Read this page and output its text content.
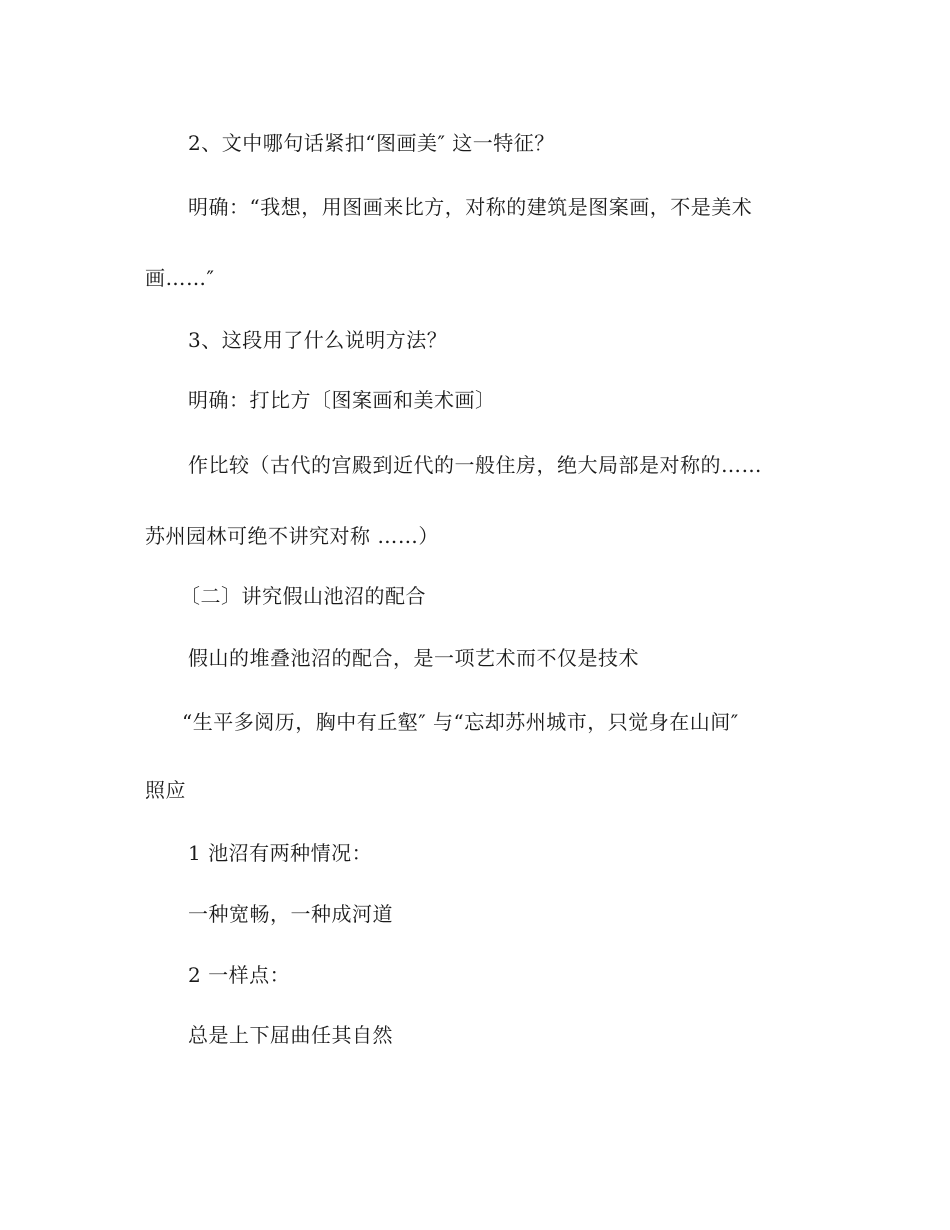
2、文中哪句话紧扣“图画美″ 这一特征？
明确：“我想，用图画来比方，对称的建筑是图案画，不是美术
画……″
3、这段用了什么说明方法？
明确：打比方〔图案画和美术画〕
作比较（古代的宫殿到近代的一般住房，绝大局部是对称的……
苏州园林可绝不讲究对称 ……）
〔二〕讲究假山池沼的配合
假山的堆叠池沼的配合，是一项艺术而不仅是技术
“生平多阅历，胸中有丘壑″ 与“忘却苏州城市，只觉身在山间″
照应
1 池沼有两种情况：
一种宽畅，一种成河道
2 一样点：
总是上下屈曲任其自然
